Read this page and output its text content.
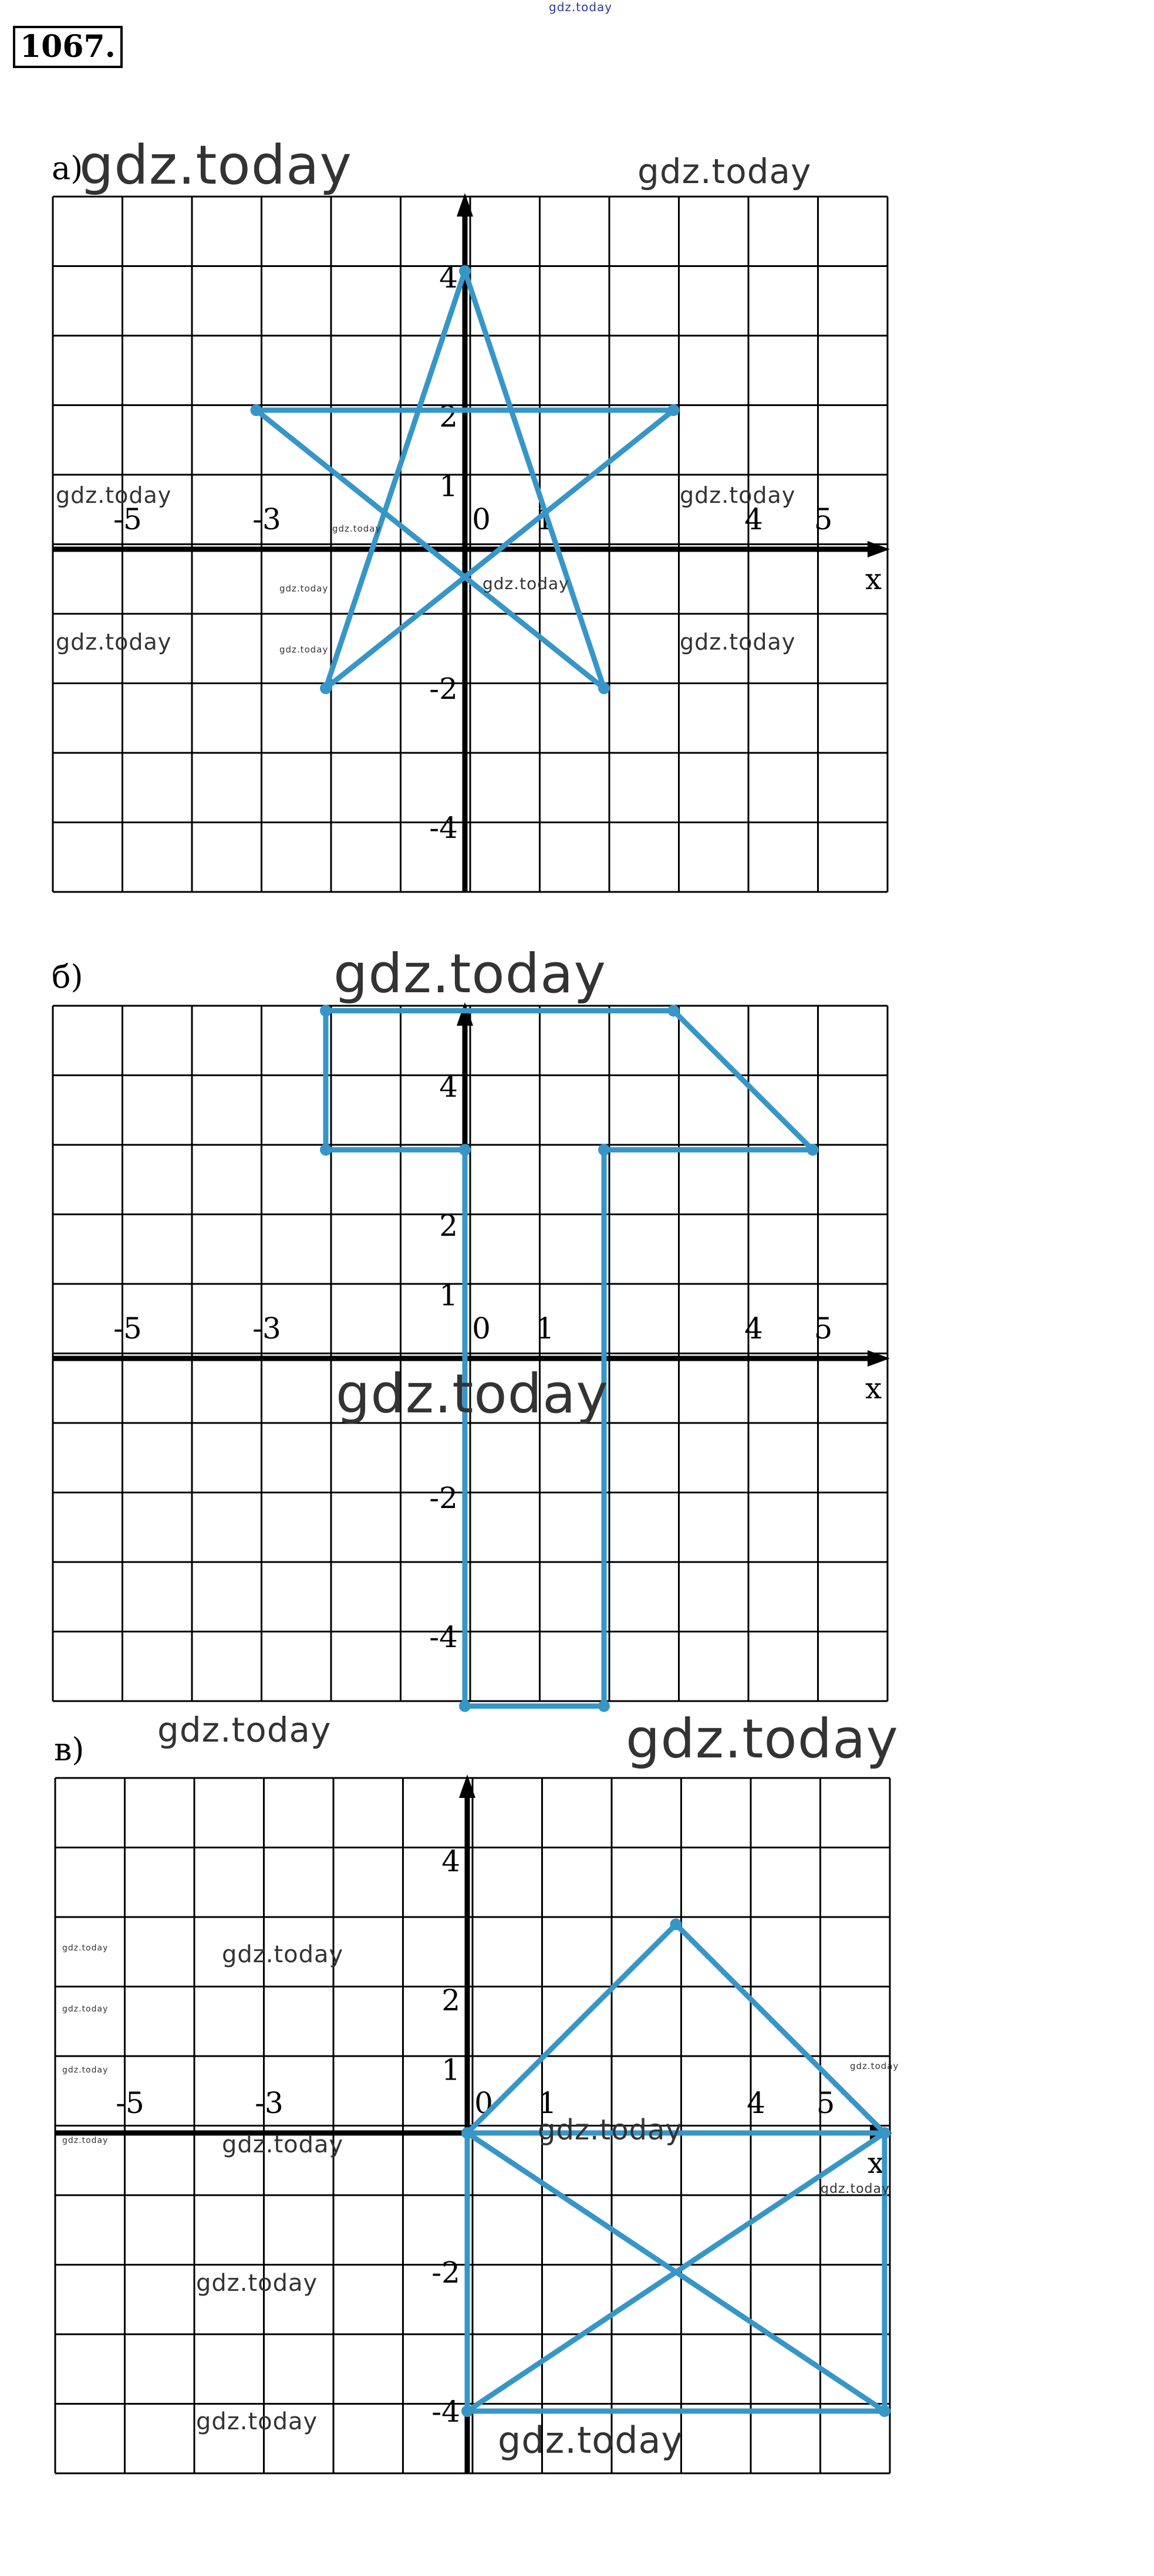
gdz.today
1067.
а)
-5	-3	0 1	4 5
4
2
1
-2
-4
x
gdz.today	gdz.today
gdz.today	gdz.today
gdz.today	gdz.today
gdz.today
gdz.today
gdz.today
gdz.today
б)
-5	-3	0 1	4 5
4
2
1
-2
-4
x
gdz.today
gdz.today
в)
-5	-3	0 1	4 5
4
2
1
-2
-4
x
gdz.today	gdz.today
gdz.today
gdz.today
gdz.today
gdz.today
gdz.today
gdz.today
gdz.today
gdz.today
gdz.today
gdz.today
gdz.today
gdz.today
